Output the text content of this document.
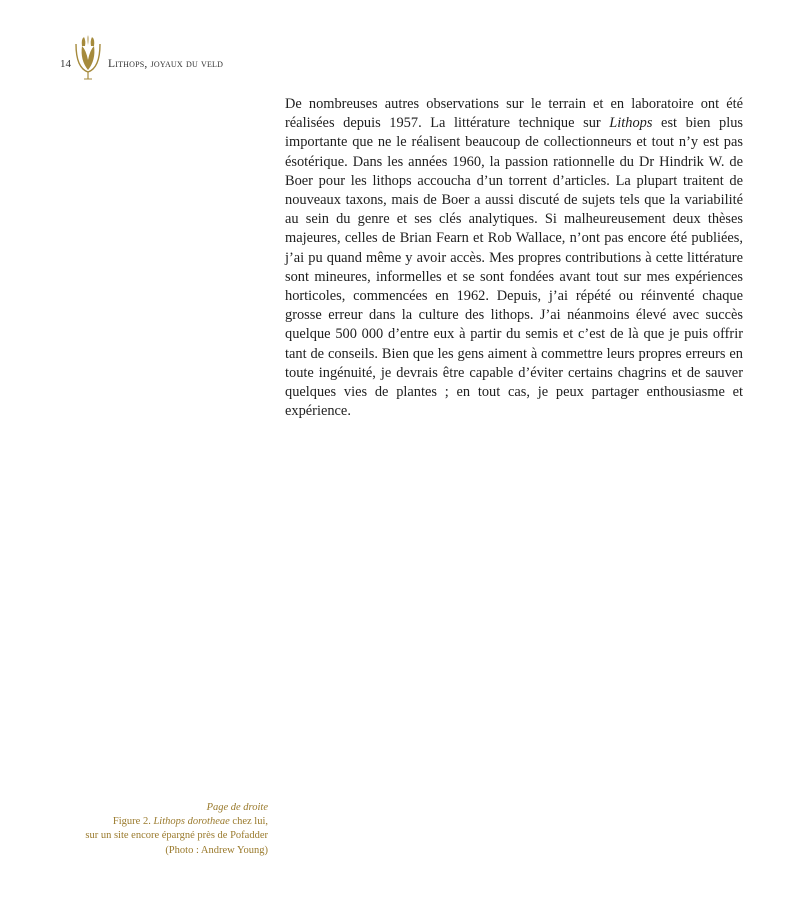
14	Lithops, joyaux du veld

De nombreuses autres observations sur le terrain et en laboratoire ont été réalisées depuis 1957. La littérature technique sur Lithops est bien plus importante que ne le réalisent beaucoup de collectionneurs et tout n’y est pas ésotérique. Dans les années 1960, la passion rationnelle du Dr Hindrik W. de Boer pour les lithops accoucha d’un torrent d’articles. La plupart traitent de nouveaux taxons, mais de Boer a aussi discuté de sujets tels que la variabilité au sein du genre et ses clés analytiques. Si malheureusement deux thèses majeures, celles de Brian Fearn et Rob Wallace, n’ont pas encore été publiées, j’ai pu quand même y avoir accès. Mes propres contributions à cette littérature sont mineures, informelles et se sont fondées avant tout sur mes expériences horticoles, commencées en 1962. Depuis, j’ai répété ou réinventé chaque grosse erreur dans la culture des lithops. J’ai néanmoins élevé avec succès quelque 500 000 d’entre eux à partir du semis et c’est de là que je puis offrir tant de conseils. Bien que les gens aiment à commettre leurs propres erreurs en toute ingénuité, je devrais être capable d’éviter certains chagrins et de sauver quelques vies de plantes ; en tout cas, je peux partager enthousiasme et expérience.

Page de droite
Figure 2. Lithops dorotheae chez lui,
sur un site encore épargné près de Pofadder
(Photo : Andrew Young)
